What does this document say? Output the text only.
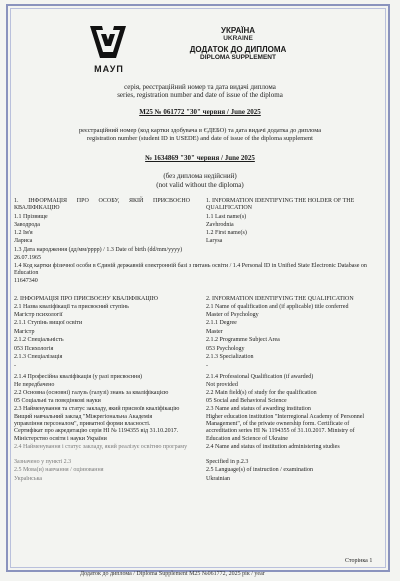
МАУП
УКРАЇНА
UKRAINE
ДОДАТОК ДО ДИПЛОМА
DIPLOMA SUPPLEMENT
серія, реєстраційний номер та дата видачі диплома
series, registration number and date of issue of the diploma
M25 № 061772 "30" червня / June 2025
реєстраційний номер (код картки здобувача в ЄДЕБО) та дата видачі додатка до диплома
registration number (student ID in USEDE) and date of issue of the diploma supplement
№ 1634869 "30" червня / June 2025
(без диплома недійсний)
(not valid without the diploma)
1. ІНФОРМАЦІЯ ПРО ОСОБУ, ЯКІЙ ПРИСВОЄНО КВАЛІФІКАЦІЮ
1. INFORMATION IDENTIFYING THE HOLDER OF THE QUALIFICATION
1.1 Прізвище
Заводрода
1.2 Ім'я
Лариса
1.1 Last name(s)
Zavhrodnia
1.2 First name(s)
Larysa
1.3 Дата народження (дд/мм/рррр) / 1.3 Date of birth (dd/mm/yyyy)
26.07.1965
1.4 Код картки фізичної особи в Єдиній державній електронній базі з питань освіти / 1.4 Personal ID in Unified State Electronic Database on Education
11647340
2. ІНФОРМАЦІЯ ПРО ПРИСВОЄНУ КВАЛІФІКАЦІЮ
2.1 Назва кваліфікації та присвоєний ступінь
Магістр психології
2.1.1 Ступінь вищої освіти
Магістр
2.1.2 Спеціальність
053 Психологія
2.1.3 Спеціалізація
-
2.1.4 Професійна кваліфікація (у разі присвоєння)
Не передбачено
2.2 Основна (основні) галузь (галузі) знань за кваліфікацією
05 Соціальні та поведінкові науки
2.3 Найменування та статус закладу, який присвоїв кваліфікацію
Вищий навчальний заклад "Міжрегіональна Академія
управління персоналом", приватної форми власності.
Сертифікат про акредитацію серія НІ № 1194355 від 31.10.2017.
Міністерство освіти і науки України
2.4 Найменування і статус закладу, який реалізує освітню програму
Зазначено у пункті 2.3
2.5 Мова(и) навчання / оцінювання
Українська
2. INFORMATION IDENTIFYING THE QUALIFICATION
2.1 Name of qualification and (if applicable) title conferred
Master of Psychology
2.1.1 Degree
Master
2.1.2 Programme Subject Area
053 Psychology
2.1.3 Specialization
-
2.1.4 Professional Qualification (if awarded)
Not provided
2.2 Main field(s) of study for the qualification
05 Social and Behavioral Science
2.3 Name and status of awarding institution
Higher education institution "Interregional Academy of Personnel
Management", of the private ownership form. Certificate of
accreditation series HI № 1194355 of 31.10.2017. Ministry of
Education and Science of Ukraine
2.4 Name and status of institution administering studies
Specified in p.2.3
2.5 Language(s) of instruction / examination
Ukrainian
Сторінка 1
Додаток до диплома / Diploma Supplement M25 №061772, 2025 рік / year
